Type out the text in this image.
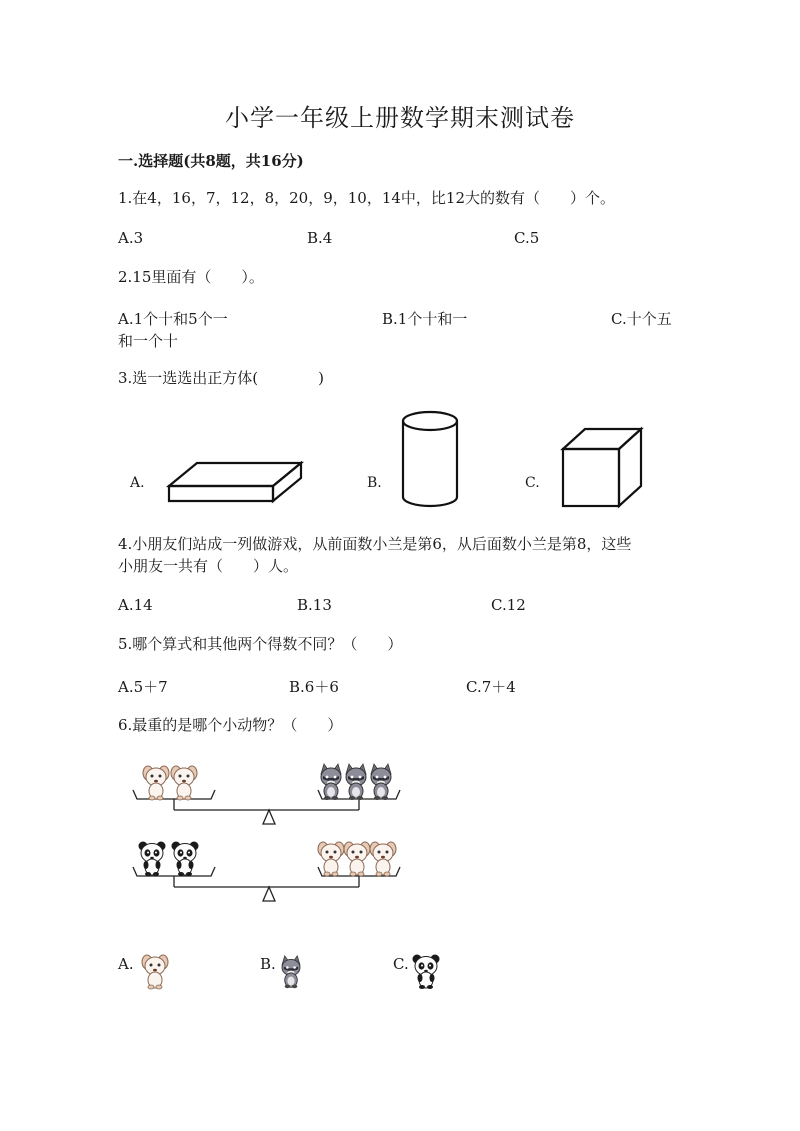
小学一年级上册数学期末测试卷
一.选择题(共8题，共16分)
1.在4，16，7，12，8，20，9，10，14中，比12大的数有（　　）个。
A.3	B.4	C.5
2.15里面有（　　）。
A.1个十和5个一	B.1个十和一	C.十个五
和一个十
3.选一选选出正方体(　　　　)
A.	B.	C.
4.小朋友们站成一列做游戏，从前面数小兰是第6，从后面数小兰是第8，这些
小朋友一共有（　　）人。
A.14	B.13	C.12
5.哪个算式和其他两个得数不同？（　　）
A.5＋7	B.6＋6	C.7＋4
6.最重的是哪个小动物？（　　）
A.	B.	C.
